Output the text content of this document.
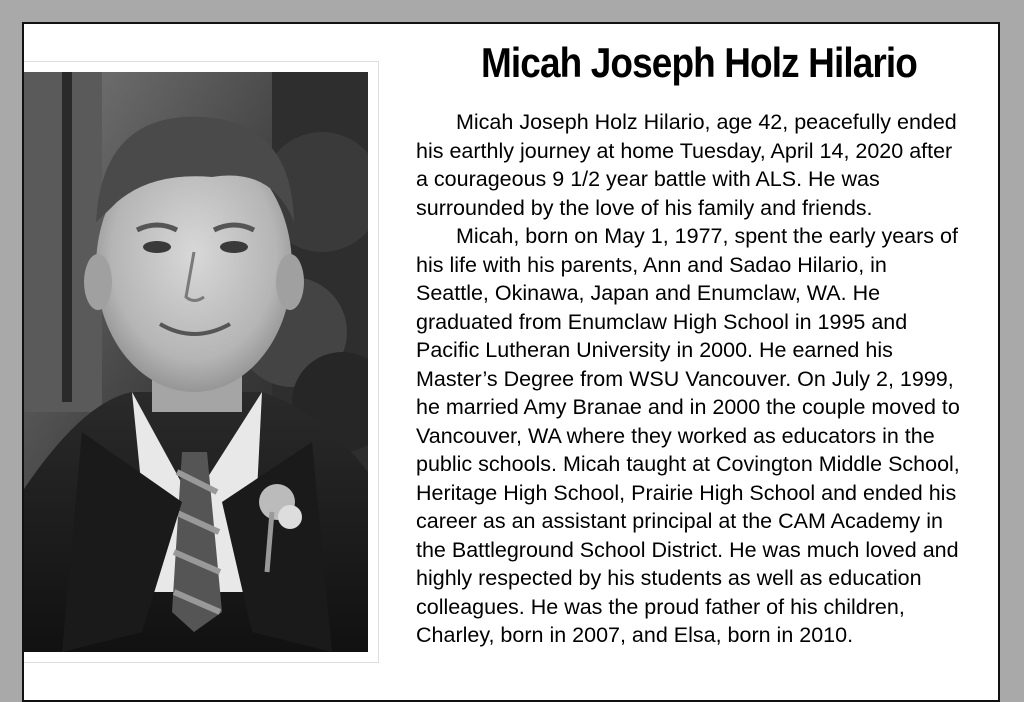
Micah Joseph Holz Hilario

Micah Joseph Holz Hilario, age 42, peacefully ended his earthly journey at home Tuesday, April 14, 2020 after a courageous 9 1/2 year battle with ALS. He was surrounded by the love of his family and friends.

Micah, born on May 1, 1977, spent the early years of his life with his parents, Ann and Sadao Hilario, in Seattle, Okinawa, Japan and Enumclaw, WA. He graduated from Enumclaw High School in 1995 and Pacific Lutheran University in 2000. He earned his Master’s Degree from WSU Vancouver. On July 2, 1999, he married Amy Branae and in 2000 the couple moved to Vancouver, WA where they worked as educators in the public schools. Micah taught at Covington Middle School, Heritage High School, Prairie High School and ended his career as an assistant principal at the CAM Academy in the Battleground School District. He was much loved and highly respected by his students as well as education colleagues. He was the proud father of his children, Charley, born in 2007, and Elsa, born in 2010.
